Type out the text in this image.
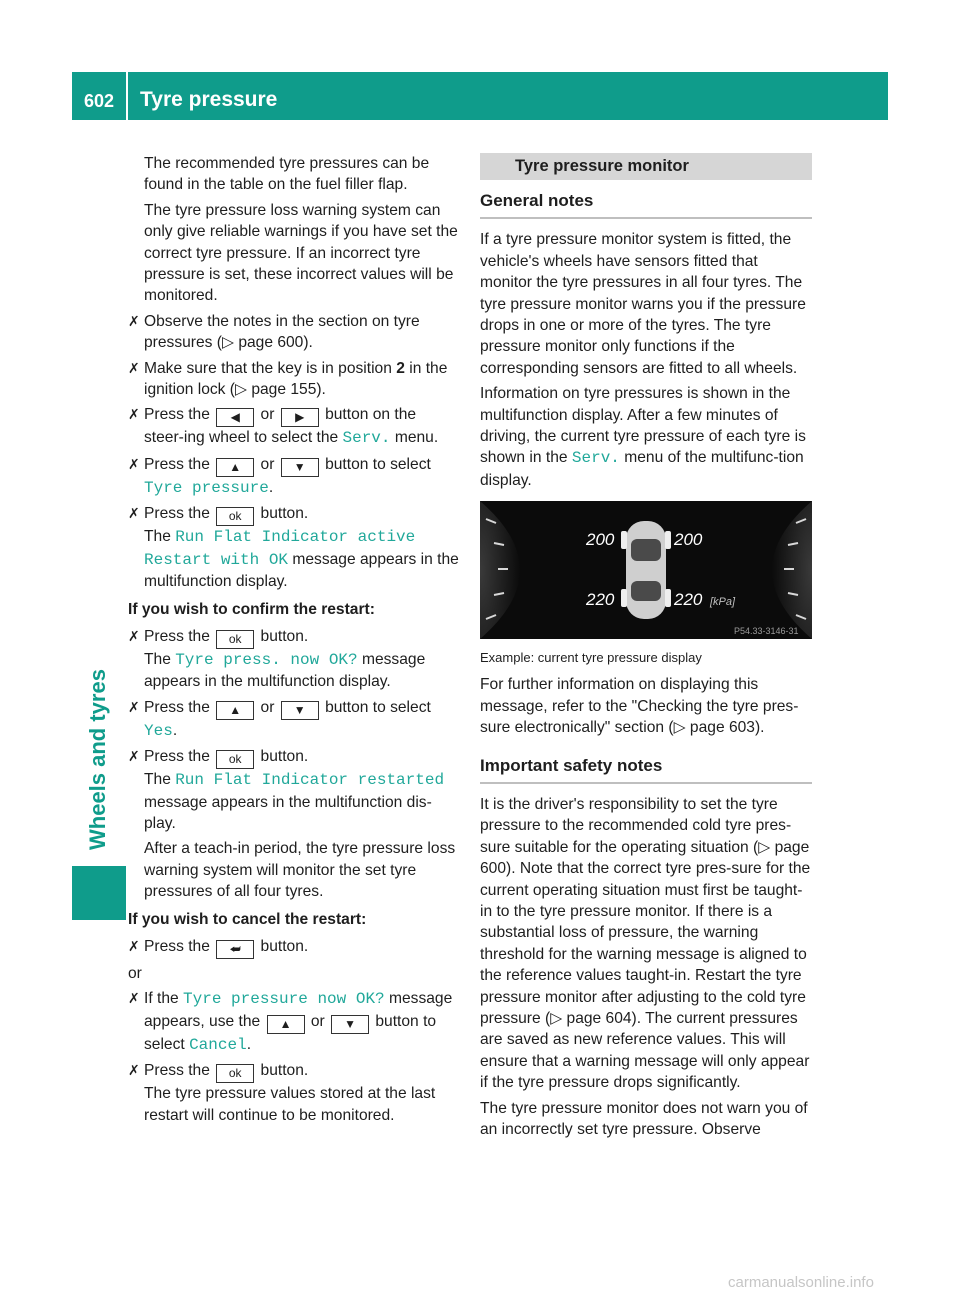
602 Tyre pressure
Wheels and tyres

The recommended tyre pressures can be found in the table on the fuel filler flap.

The tyre pressure loss warning system can only give reliable warnings if you have set the correct tyre pressure. If an incorrect tyre pressure is set, these incorrect values will be monitored.

✗ Observe the notes in the section on tyre pressures (▷ page 600).
✗ Make sure that the key is in position 2 in the ignition lock (▷ page 155).
✗ Press the ◀ or ▶ button on the steer-ing wheel to select the Serv. menu.
✗ Press the ▲ or ▼ button to select
Tyre pressure.
✗ Press the ok button.
The Run Flat Indicator active
Restart with OK message appears in the multifunction display.

If you wish to confirm the restart:

✗ Press the ok button.
The Tyre press. now OK? message appears in the multifunction display.
✗ Press the ▲ or ▼ button to select
Yes.
✗ Press the ok button.
The Run Flat Indicator restarted message appears in the multifunction dis-play.

After a teach-in period, the tyre pressure loss warning system will monitor the set tyre pressures of all four tyres.

If you wish to cancel the restart:

✗ Press the ⮨ button.

or

✗ If the Tyre pressure now OK? message appears, use the ▲ or ▼ button to select Cancel.
✗ Press the ok button.
The tyre pressure values stored at the last restart will continue to be monitored.
Tyre pressure monitor
General notes

If a tyre pressure monitor system is fitted, the vehicle's wheels have sensors fitted that monitor the tyre pressures in all four tyres. The tyre pressure monitor warns you if the pressure drops in one or more of the tyres. The tyre pressure monitor only functions if the corresponding sensors are fitted to all wheels.

Information on tyre pressures is shown in the multifunction display. After a few minutes of driving, the current tyre pressure of each tyre is shown in the Serv. menu of the multifunc-tion display.

200	200
220	220 [kPa]
P54.33-3146-31

Example: current tyre pressure display

For further information on displaying this message, refer to the "Checking the tyre pres-sure electronically" section (▷ page 603).

Important safety notes

It is the driver's responsibility to set the tyre pressure to the recommended cold tyre pres-sure suitable for the operating situation (▷ page 600). Note that the correct tyre pres-sure for the current operating situation must first be taught-in to the tyre pressure monitor. If there is a substantial loss of pressure, the warning threshold for the warning message is aligned to the reference values taught-in. Restart the tyre pressure monitor after adjusting to the cold tyre pressure (▷ page 604). The current pressures are saved as new reference values. This will ensure that a warning message will only appear if the tyre pressure drops significantly.

The tyre pressure monitor does not warn you of an incorrectly set tyre pressure. Observe

carmanualsonline.info
